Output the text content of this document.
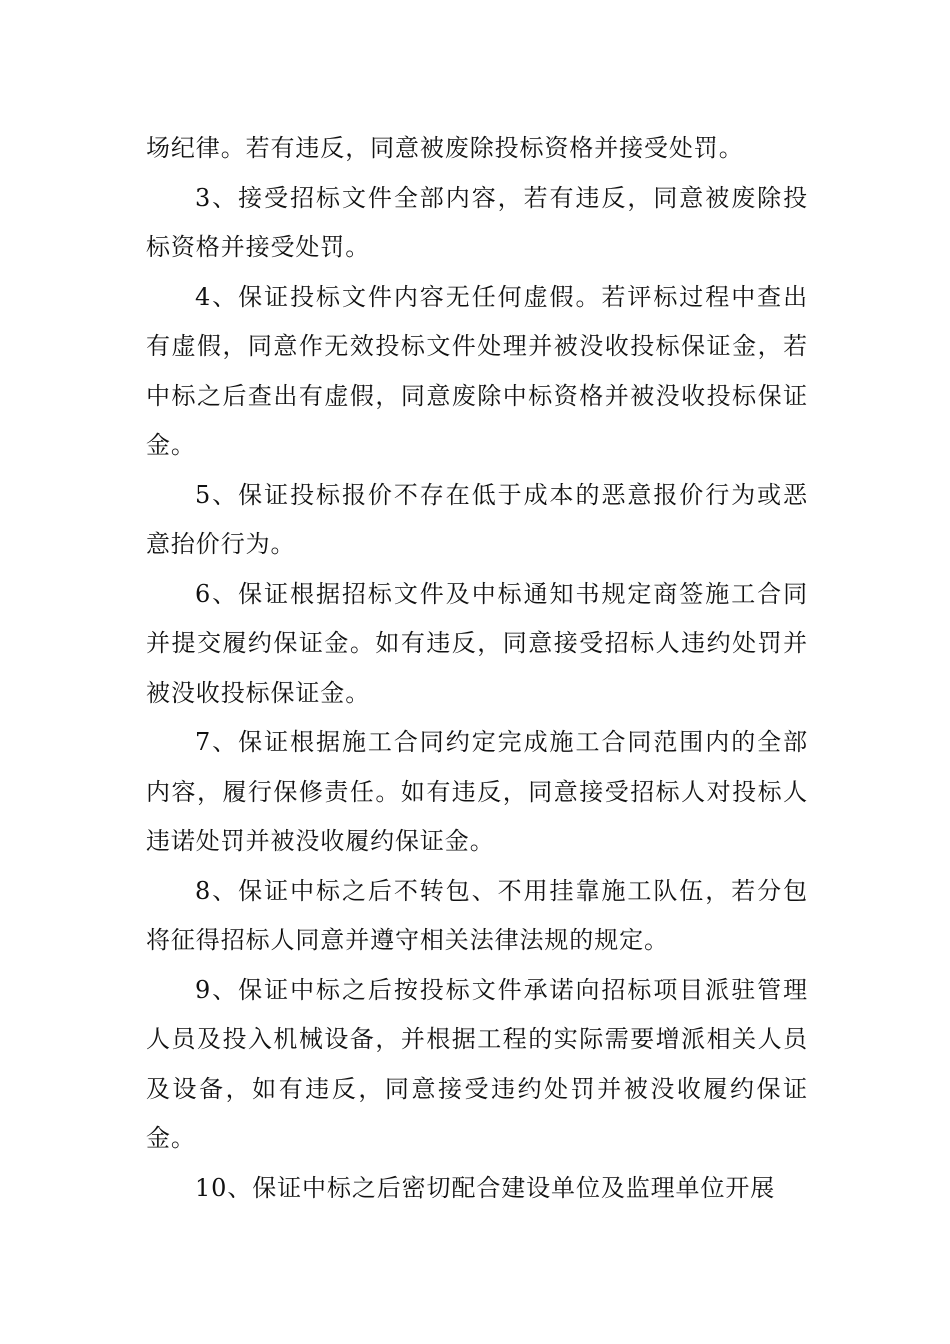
场纪律。若有违反，同意被废除投标资格并接受处罚。

3、接受招标文件全部内容，若有违反，同意被废除投标资格并接受处罚。

4、保证投标文件内容无任何虚假。若评标过程中查出有虚假，同意作无效投标文件处理并被没收投标保证金，若中标之后查出有虚假，同意废除中标资格并被没收投标保证金。

5、保证投标报价不存在低于成本的恶意报价行为或恶意抬价行为。

6、保证根据招标文件及中标通知书规定商签施工合同并提交履约保证金。如有违反，同意接受招标人违约处罚并被没收投标保证金。

7、保证根据施工合同约定完成施工合同范围内的全部内容，履行保修责任。如有违反，同意接受招标人对投标人违诺处罚并被没收履约保证金。

8、保证中标之后不转包、不用挂靠施工队伍，若分包将征得招标人同意并遵守相关法律法规的规定。

9、保证中标之后按投标文件承诺向招标项目派驻管理人员及投入机械设备，并根据工程的实际需要增派相关人员及设备，如有违反，同意接受违约处罚并被没收履约保证金。

10、保证中标之后密切配合建设单位及监理单位开展
